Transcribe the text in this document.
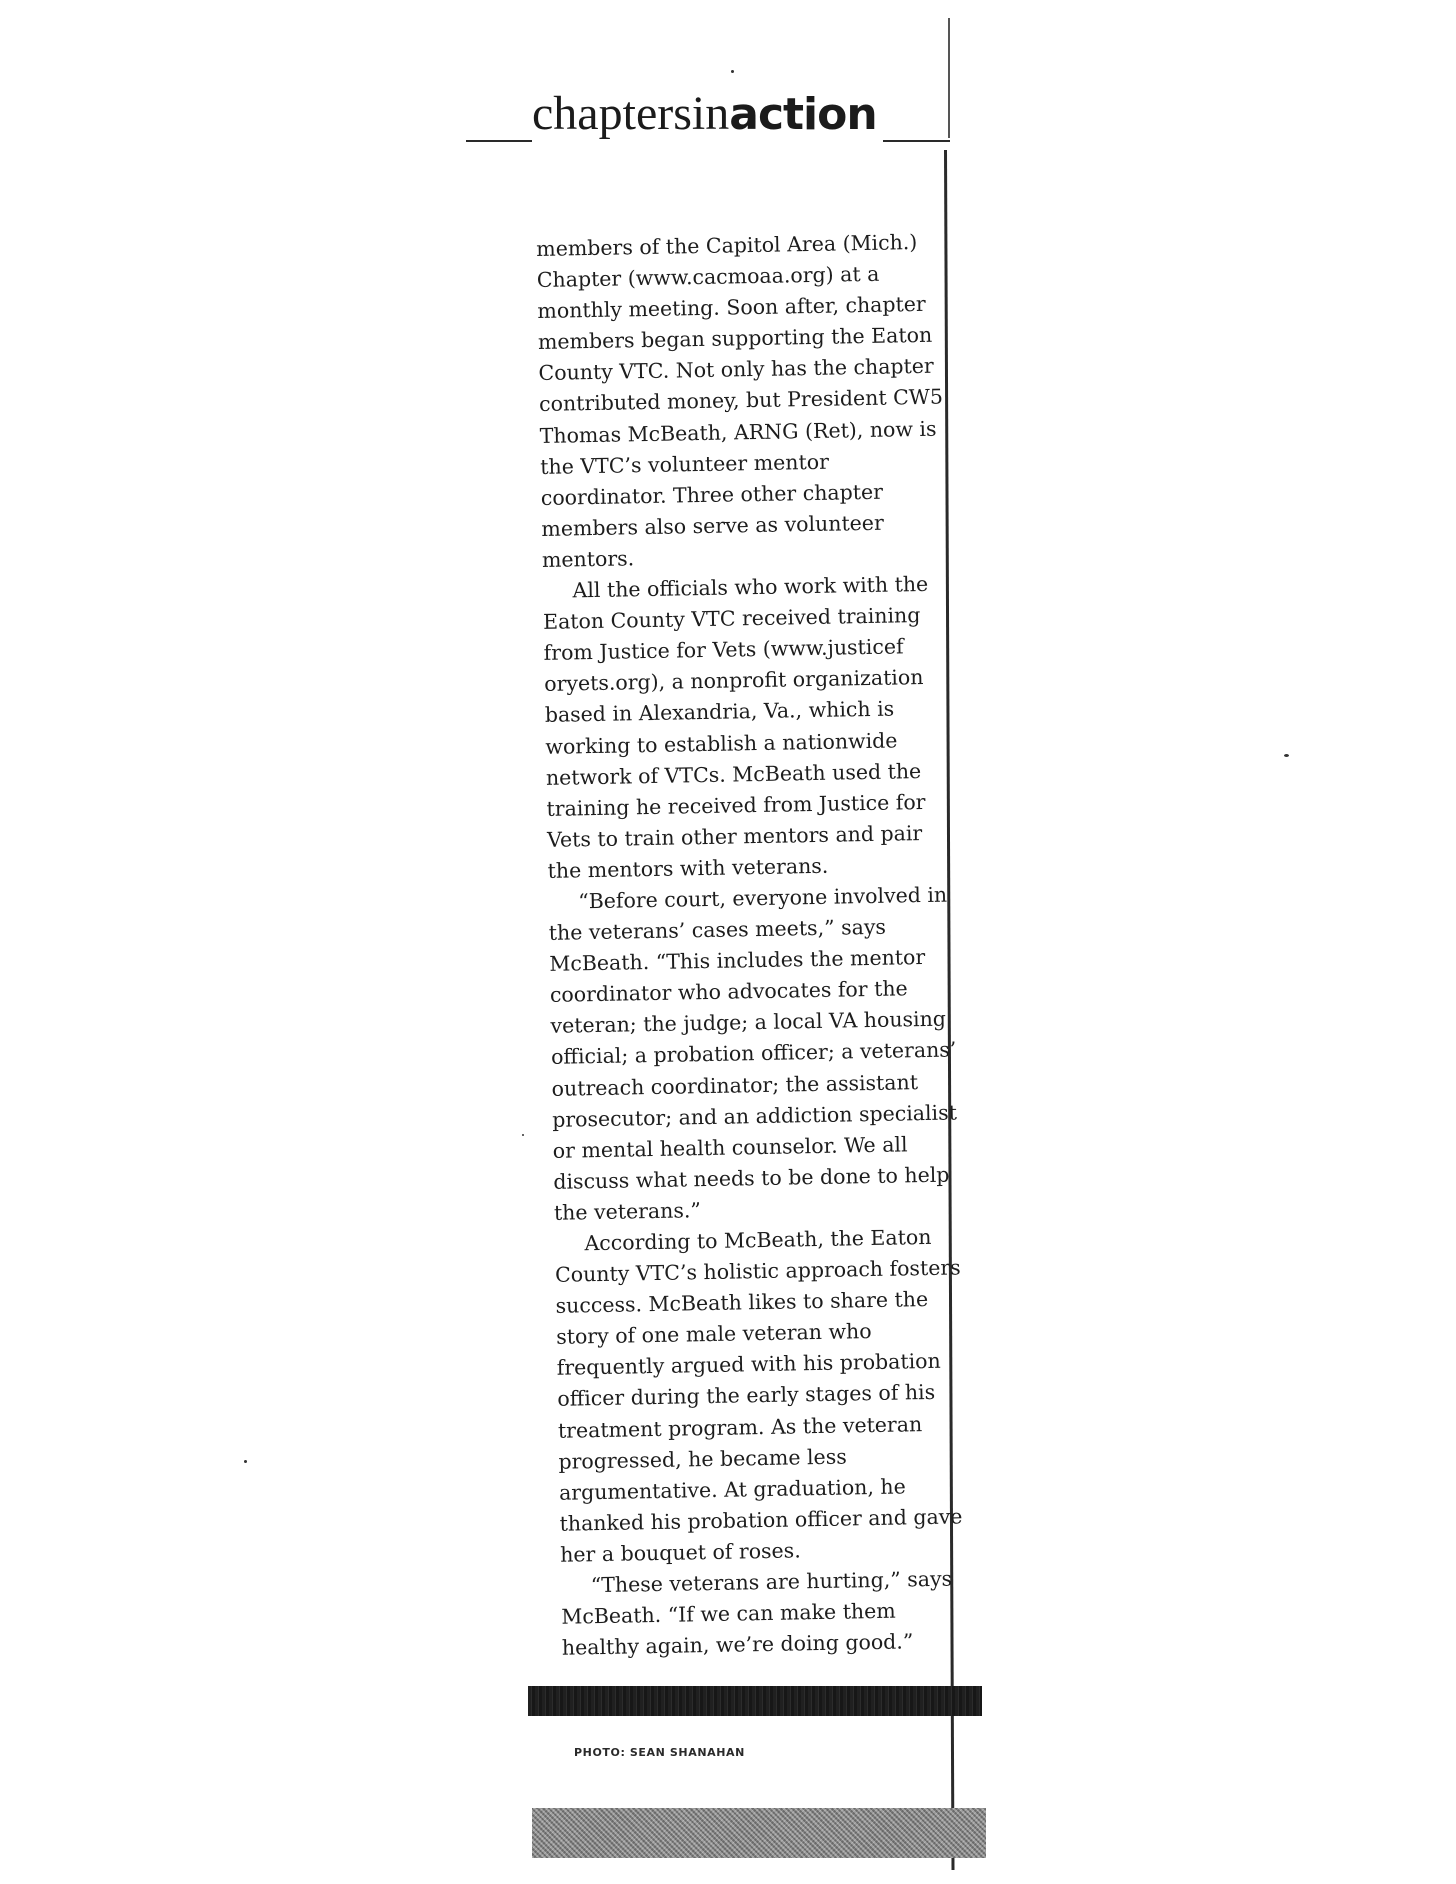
chaptersinaction

members of the Capitol Area (Mich.) Chapter (www.cacmoaa.org) at a monthly meeting. Soon after, chapter members began supporting the Eaton County VTC. Not only has the chapter contributed money, but President CW5 Thomas McBeath, ARNG (Ret), now is the VTC’s volunteer mentor coordinator. Three other chapter members also serve as volunteer mentors.

All the officials who work with the Eaton County VTC received training from Justice for Vets (www.justicef oryets.org), a nonprofit organization based in Alexandria, Va., which is working to establish a nationwide network of VTCs. McBeath used the training he received from Justice for Vets to train other mentors and pair the mentors with veterans.

“Before court, everyone involved in the veterans’ cases meets,” says McBeath. “This includes the mentor coordinator who advocates for the veteran; the judge; a local VA housing official; a probation officer; a veterans’ outreach coordinator; the assistant prosecutor; and an addiction specialist or mental health counselor. We all discuss what needs to be done to help the veterans.”

According to McBeath, the Eaton County VTC’s holistic approach fosters success. McBeath likes to share the story of one male veteran who frequently argued with his probation officer during the early stages of his treatment program. As the veteran progressed, he became less argumentative. At graduation, he thanked his probation officer and gave her a bouquet of roses.

“These veterans are hurting,” says McBeath. “If we can make them healthy again, we’re doing good.”

PHOTO: SEAN SHANAHAN
